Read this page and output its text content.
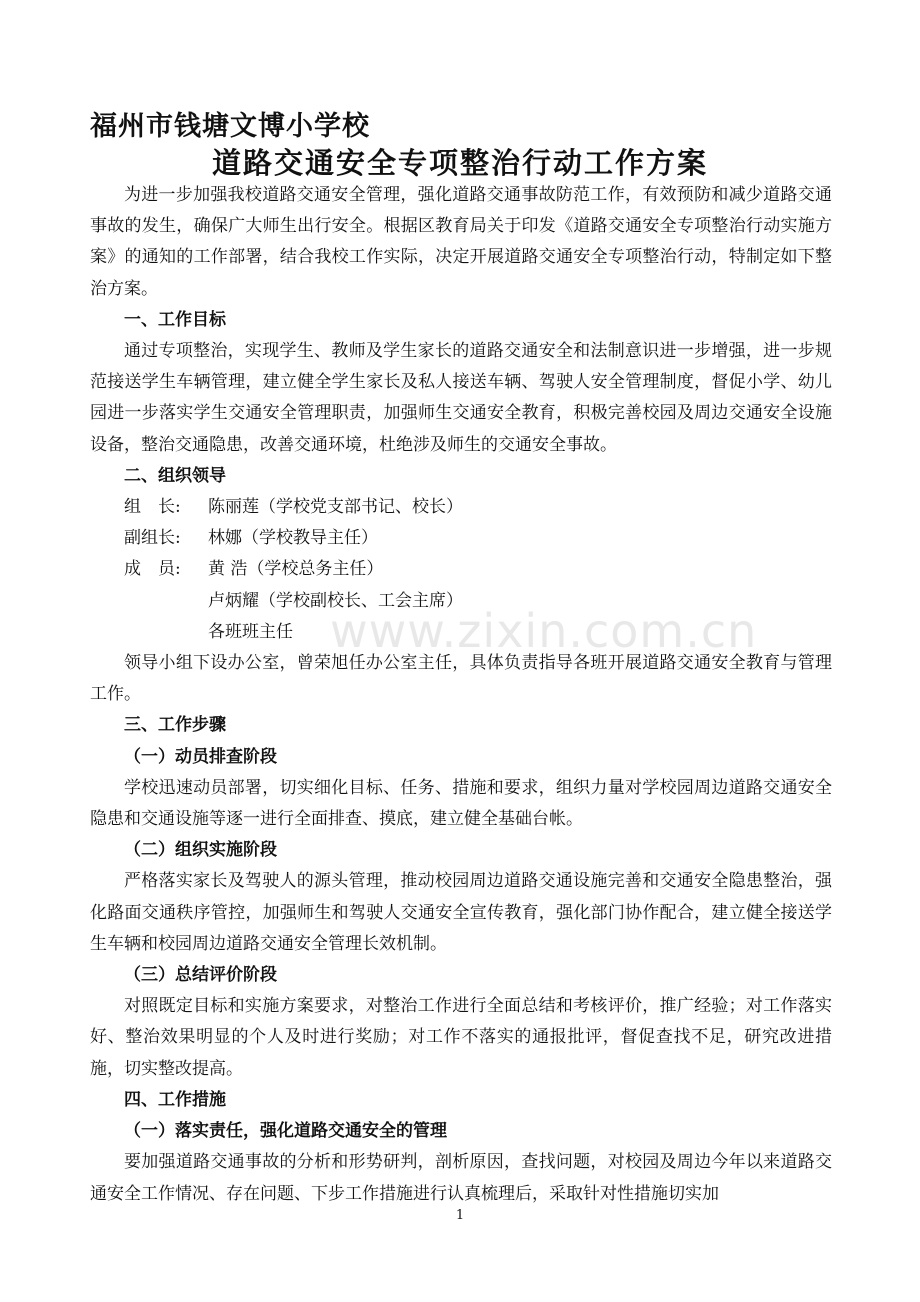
福州市钱塘文博小学校
道路交通安全专项整治行动工作方案

为进一步加强我校道路交通安全管理，强化道路交通事故防范工作，有效预防和减少道路交通事故的发生，确保广大师生出行安全。根据区教育局关于印发《道路交通安全专项整治行动实施方案》的通知的工作部署，结合我校工作实际，决定开展道路交通安全专项整治行动，特制定如下整治方案。

一、工作目标

通过专项整治，实现学生、教师及学生家长的道路交通安全和法制意识进一步增强，进一步规范接送学生车辆管理，建立健全学生家长及私人接送车辆、驾驶人安全管理制度，督促小学、幼儿园进一步落实学生交通安全管理职责，加强师生交通安全教育，积极完善校园及周边交通安全设施设备，整治交通隐患，改善交通环境，杜绝涉及师生的交通安全事故。

二、组织领导

组　长: 陈丽莲（学校党支部书记、校长）

副组长: 林娜（学校教导主任）

成　员: 黄 浩（学校总务主任）

卢炳耀（学校副校长、工会主席）

各班班主任

领导小组下设办公室，曾荣旭任办公室主任，具体负责指导各班开展道路交通安全教育与管理工作。

三、工作步骤

（一）动员排查阶段

学校迅速动员部署，切实细化目标、任务、措施和要求，组织力量对学校园周边道路交通安全隐患和交通设施等逐一进行全面排查、摸底，建立健全基础台帐。

（二）组织实施阶段

严格落实家长及驾驶人的源头管理，推动校园周边道路交通设施完善和交通安全隐患整治，强化路面交通秩序管控，加强师生和驾驶人交通安全宣传教育，强化部门协作配合，建立健全接送学生车辆和校园周边道路交通安全管理长效机制。

（三）总结评价阶段

对照既定目标和实施方案要求，对整治工作进行全面总结和考核评价，推广经验；对工作落实好、整治效果明显的个人及时进行奖励；对工作不落实的通报批评，督促查找不足，研究改进措施，切实整改提高。

四、工作措施

（一）落实责任，强化道路交通安全的管理

要加强道路交通事故的分析和形势研判，剖析原因，查找问题，对校园及周边今年以来道路交通安全工作情况、存在问题、下步工作措施进行认真梳理后，采取针对性措施切实加

www.zixin.com.cn
1
